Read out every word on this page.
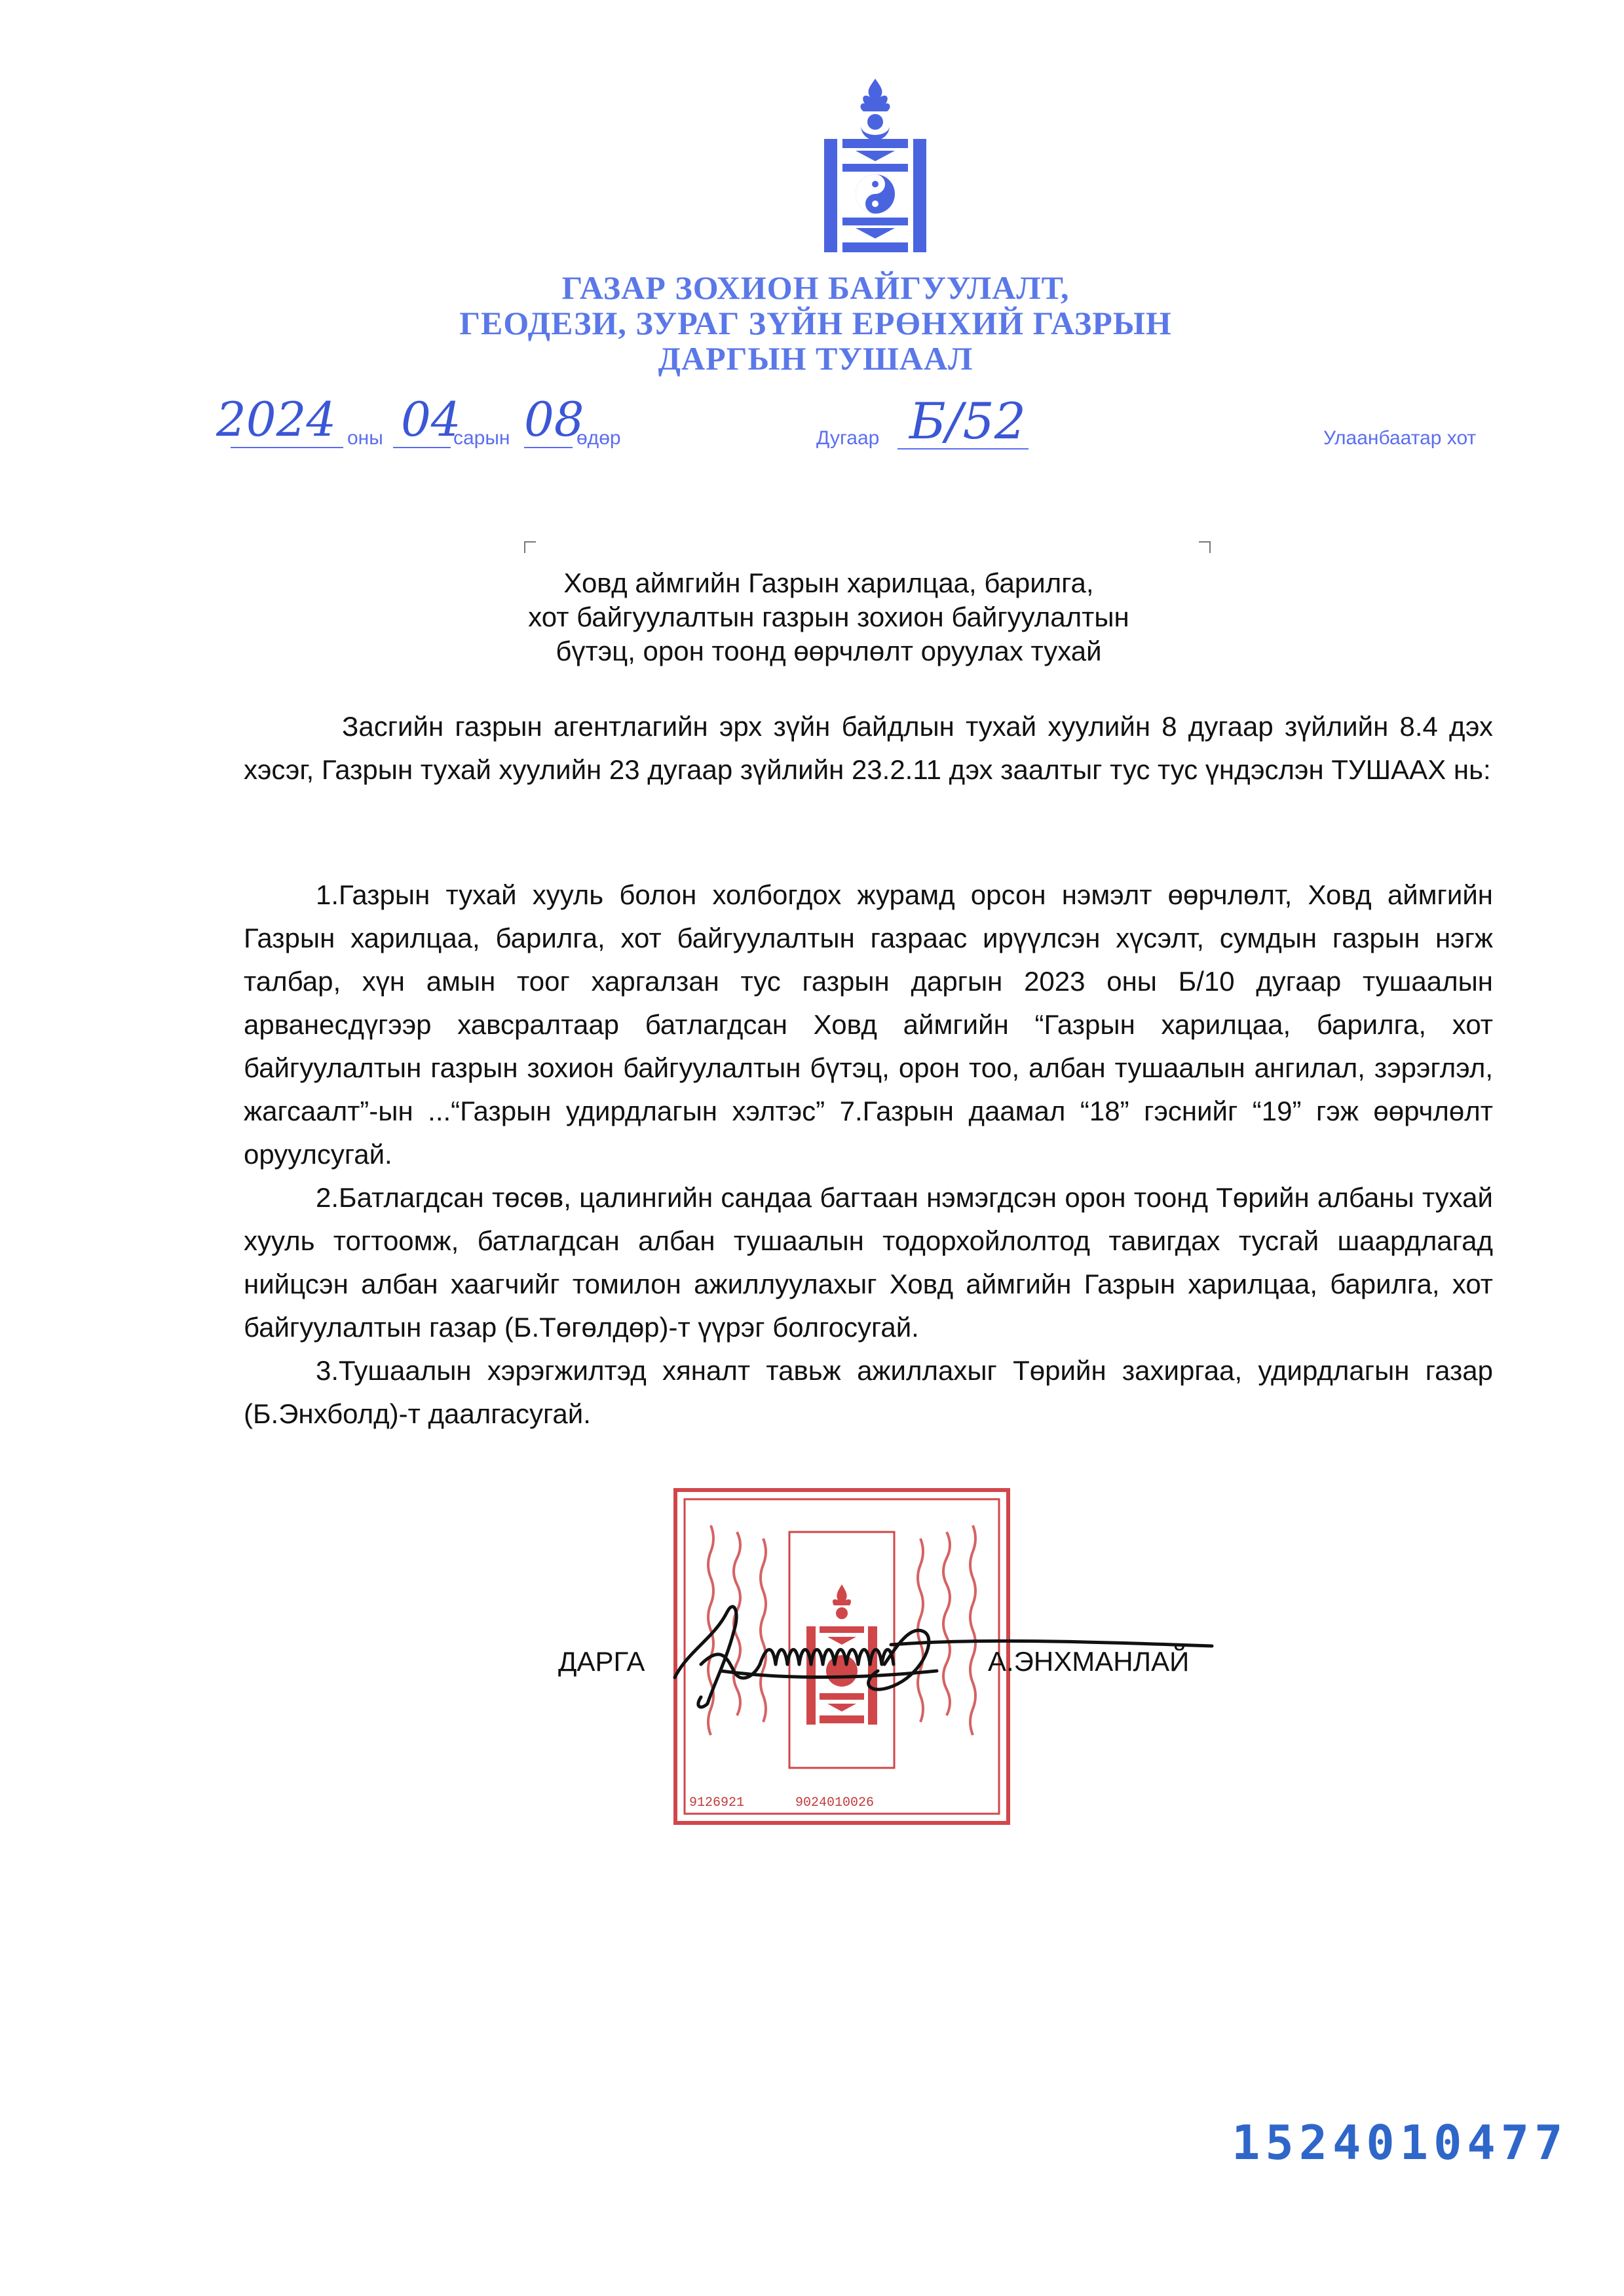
ГАЗАР ЗОХИОН БАЙГУУЛАЛТ,
ГЕОДЕЗИ, ЗУРАГ ЗҮЙН ЕРӨНХИЙ ГАЗРЫН
ДАРГЫН ТУШААЛ
2024 оны 04
сарын 08
өдөр	Дугаар Б/52	Улаанбаатар хот
Ховд аймгийн Газрын харилцаа, барилга,
хот байгуулалтын газрын зохион байгуулалтын
бүтэц, орон тоонд өөрчлөлт оруулах тухай

Засгийн газрын агентлагийн эрх зүйн байдлын тухай хуулийн 8 дугаар зүйлийн 8.4 дэх хэсэг, Газрын тухай хуулийн 23 дугаар зүйлийн 23.2.11 дэх заалтыг тус тус үндэслэн ТУШААХ нь:

1.Газрын тухай хууль болон холбогдох журамд орсон нэмэлт өөрчлөлт, Ховд аймгийн Газрын харилцаа, барилга, хот байгуулалтын газраас ирүүлсэн хүсэлт, сумдын газрын нэгж талбар, хүн амын тоог харгалзан тус газрын даргын 2023 оны Б/10 дугаар тушаалын арванесдүгээр хавсралтаар батлагдсан Ховд аймгийн “Газрын харилцаа, барилга, хот байгуулалтын газрын зохион байгуулалтын бүтэц, орон тоо, албан тушаалын ангилал, зэрэглэл, жагсаалт”-ын ...“Газрын удирдлагын хэлтэс” 7.Газрын даамал “18” гэснийг “19” гэж өөрчлөлт оруулсугай.

2.Батлагдсан төсөв, цалингийн сандаа багтаан нэмэгдсэн орон тоонд Төрийн албаны тухай хууль тогтоомж, батлагдсан албан тушаалын тодорхойлолтод тавигдах тусгай шаардлагад нийцсэн албан хаагчийг томилон ажиллуулахыг Ховд аймгийн Газрын харилцаа, барилга, хот байгуулалтын газар (Б.Төгөлдөр)-т үүрэг болгосугай.

3.Тушаалын хэрэгжилтэд хяналт тавьж ажиллахыг Төрийн захиргаа, удирдлагын газар (Б.Энхболд)-т даалгасугай.

9126921	9024010026
ДАРГА	А.ЭНХМАНЛАЙ
1524010477
